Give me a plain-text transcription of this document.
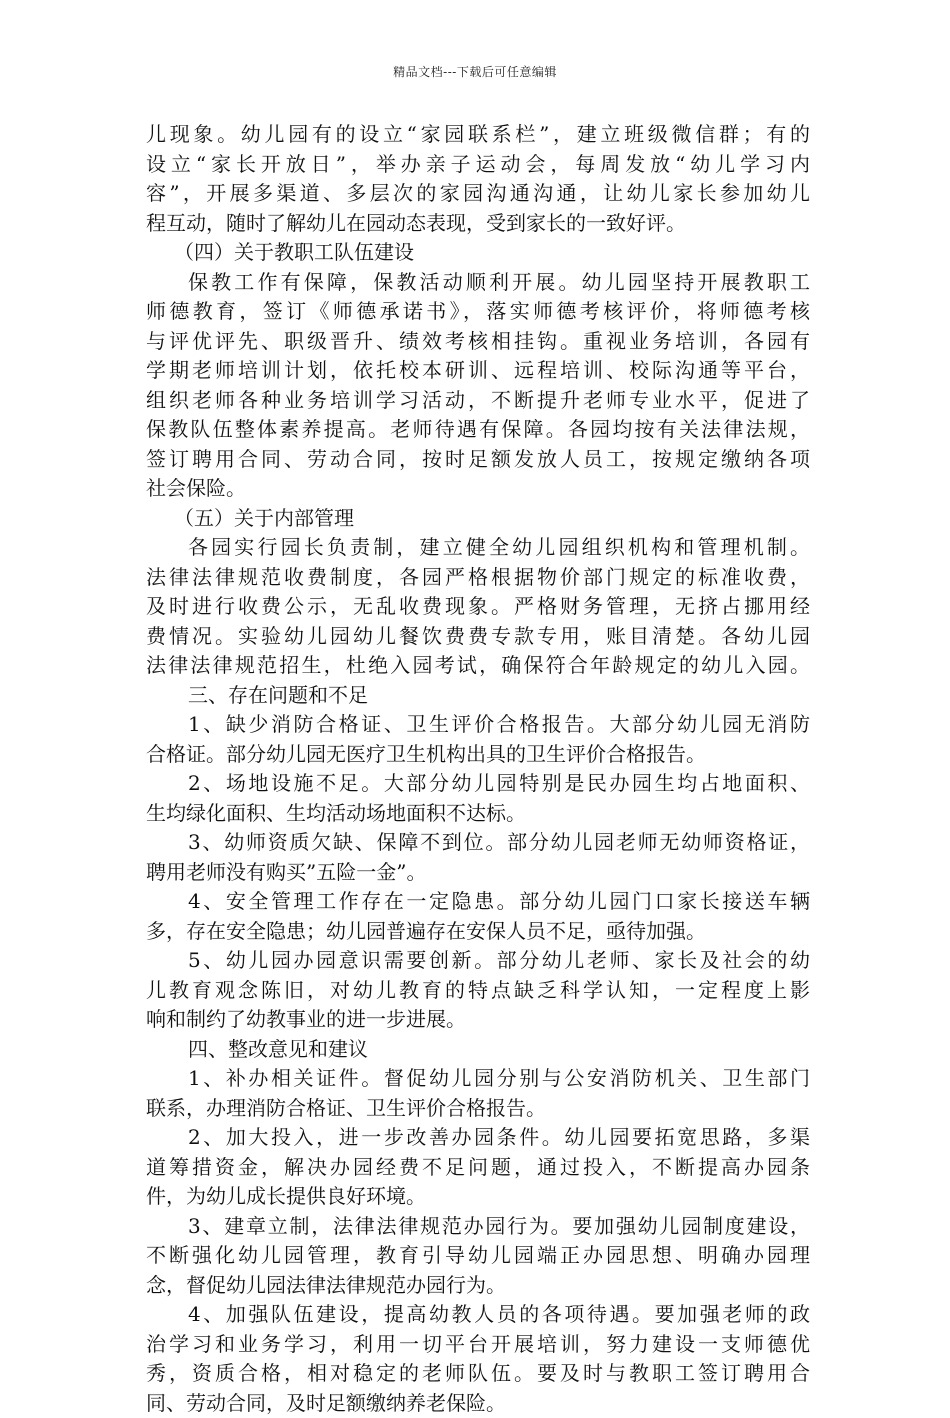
精品文档---下载后可任意编辑
儿现象。幼儿园有的设立“家园联系栏”，建立班级微信群；有的
设立“家长开放日”，举办亲子运动会，每周发放“幼儿学习内
容”，开展多渠道、多层次的家园沟通沟通，让幼儿家长参加幼儿
程互动，随时了解幼儿在园动态表现，受到家长的一致好评。
（四）关于教职工队伍建设
保教工作有保障，保教活动顺利开展。幼儿园坚持开展教职工
师德教育，签订《师德承诺书》，落实师德考核评价，将师德考核
与评优评先、职级晋升、绩效考核相挂钩。重视业务培训，各园有
学期老师培训计划，依托校本研训、远程培训、校际沟通等平台，
组织老师各种业务培训学习活动，不断提升老师专业水平，促进了
保教队伍整体素养提高。老师待遇有保障。各园均按有关法律法规，
签订聘用合同、劳动合同，按时足额发放人员工，按规定缴纳各项
社会保险。
（五）关于内部管理
各园实行园长负责制，建立健全幼儿园组织机构和管理机制。
法律法律规范收费制度，各园严格根据物价部门规定的标准收费，
及时进行收费公示，无乱收费现象。严格财务管理，无挤占挪用经
费情况。实验幼儿园幼儿餐饮费费专款专用，账目清楚。各幼儿园
法律法律规范招生，杜绝入园考试，确保符合年龄规定的幼儿入园。
三、存在问题和不足
1、缺少消防合格证、卫生评价合格报告。大部分幼儿园无消防
合格证。部分幼儿园无医疗卫生机构出具的卫生评价合格报告。
2、场地设施不足。大部分幼儿园特别是民办园生均占地面积、
生均绿化面积、生均活动场地面积不达标。
3、幼师资质欠缺、保障不到位。部分幼儿园老师无幼师资格证，
聘用老师没有购买”五险一金”。
4、安全管理工作存在一定隐患。部分幼儿园门口家长接送车辆
多，存在安全隐患；幼儿园普遍存在安保人员不足，亟待加强。
5、幼儿园办园意识需要创新。部分幼儿老师、家长及社会的幼
儿教育观念陈旧，对幼儿教育的特点缺乏科学认知，一定程度上影
响和制约了幼教事业的进一步进展。
四、整改意见和建议
1、补办相关证件。督促幼儿园分别与公安消防机关、卫生部门
联系，办理消防合格证、卫生评价合格报告。
2、加大投入，进一步改善办园条件。幼儿园要拓宽思路，多渠
道筹措资金，解决办园经费不足问题，通过投入，不断提高办园条
件，为幼儿成长提供良好环境。
3、建章立制，法律法律规范办园行为。要加强幼儿园制度建设，
不断强化幼儿园管理，教育引导幼儿园端正办园思想、明确办园理
念，督促幼儿园法律法律规范办园行为。
4、加强队伍建设，提高幼教人员的各项待遇。要加强老师的政
治学习和业务学习，利用一切平台开展培训，努力建设一支师德优
秀，资质合格，相对稳定的老师队伍。要及时与教职工签订聘用合
同、劳动合同，及时足额缴纳养老保险。
